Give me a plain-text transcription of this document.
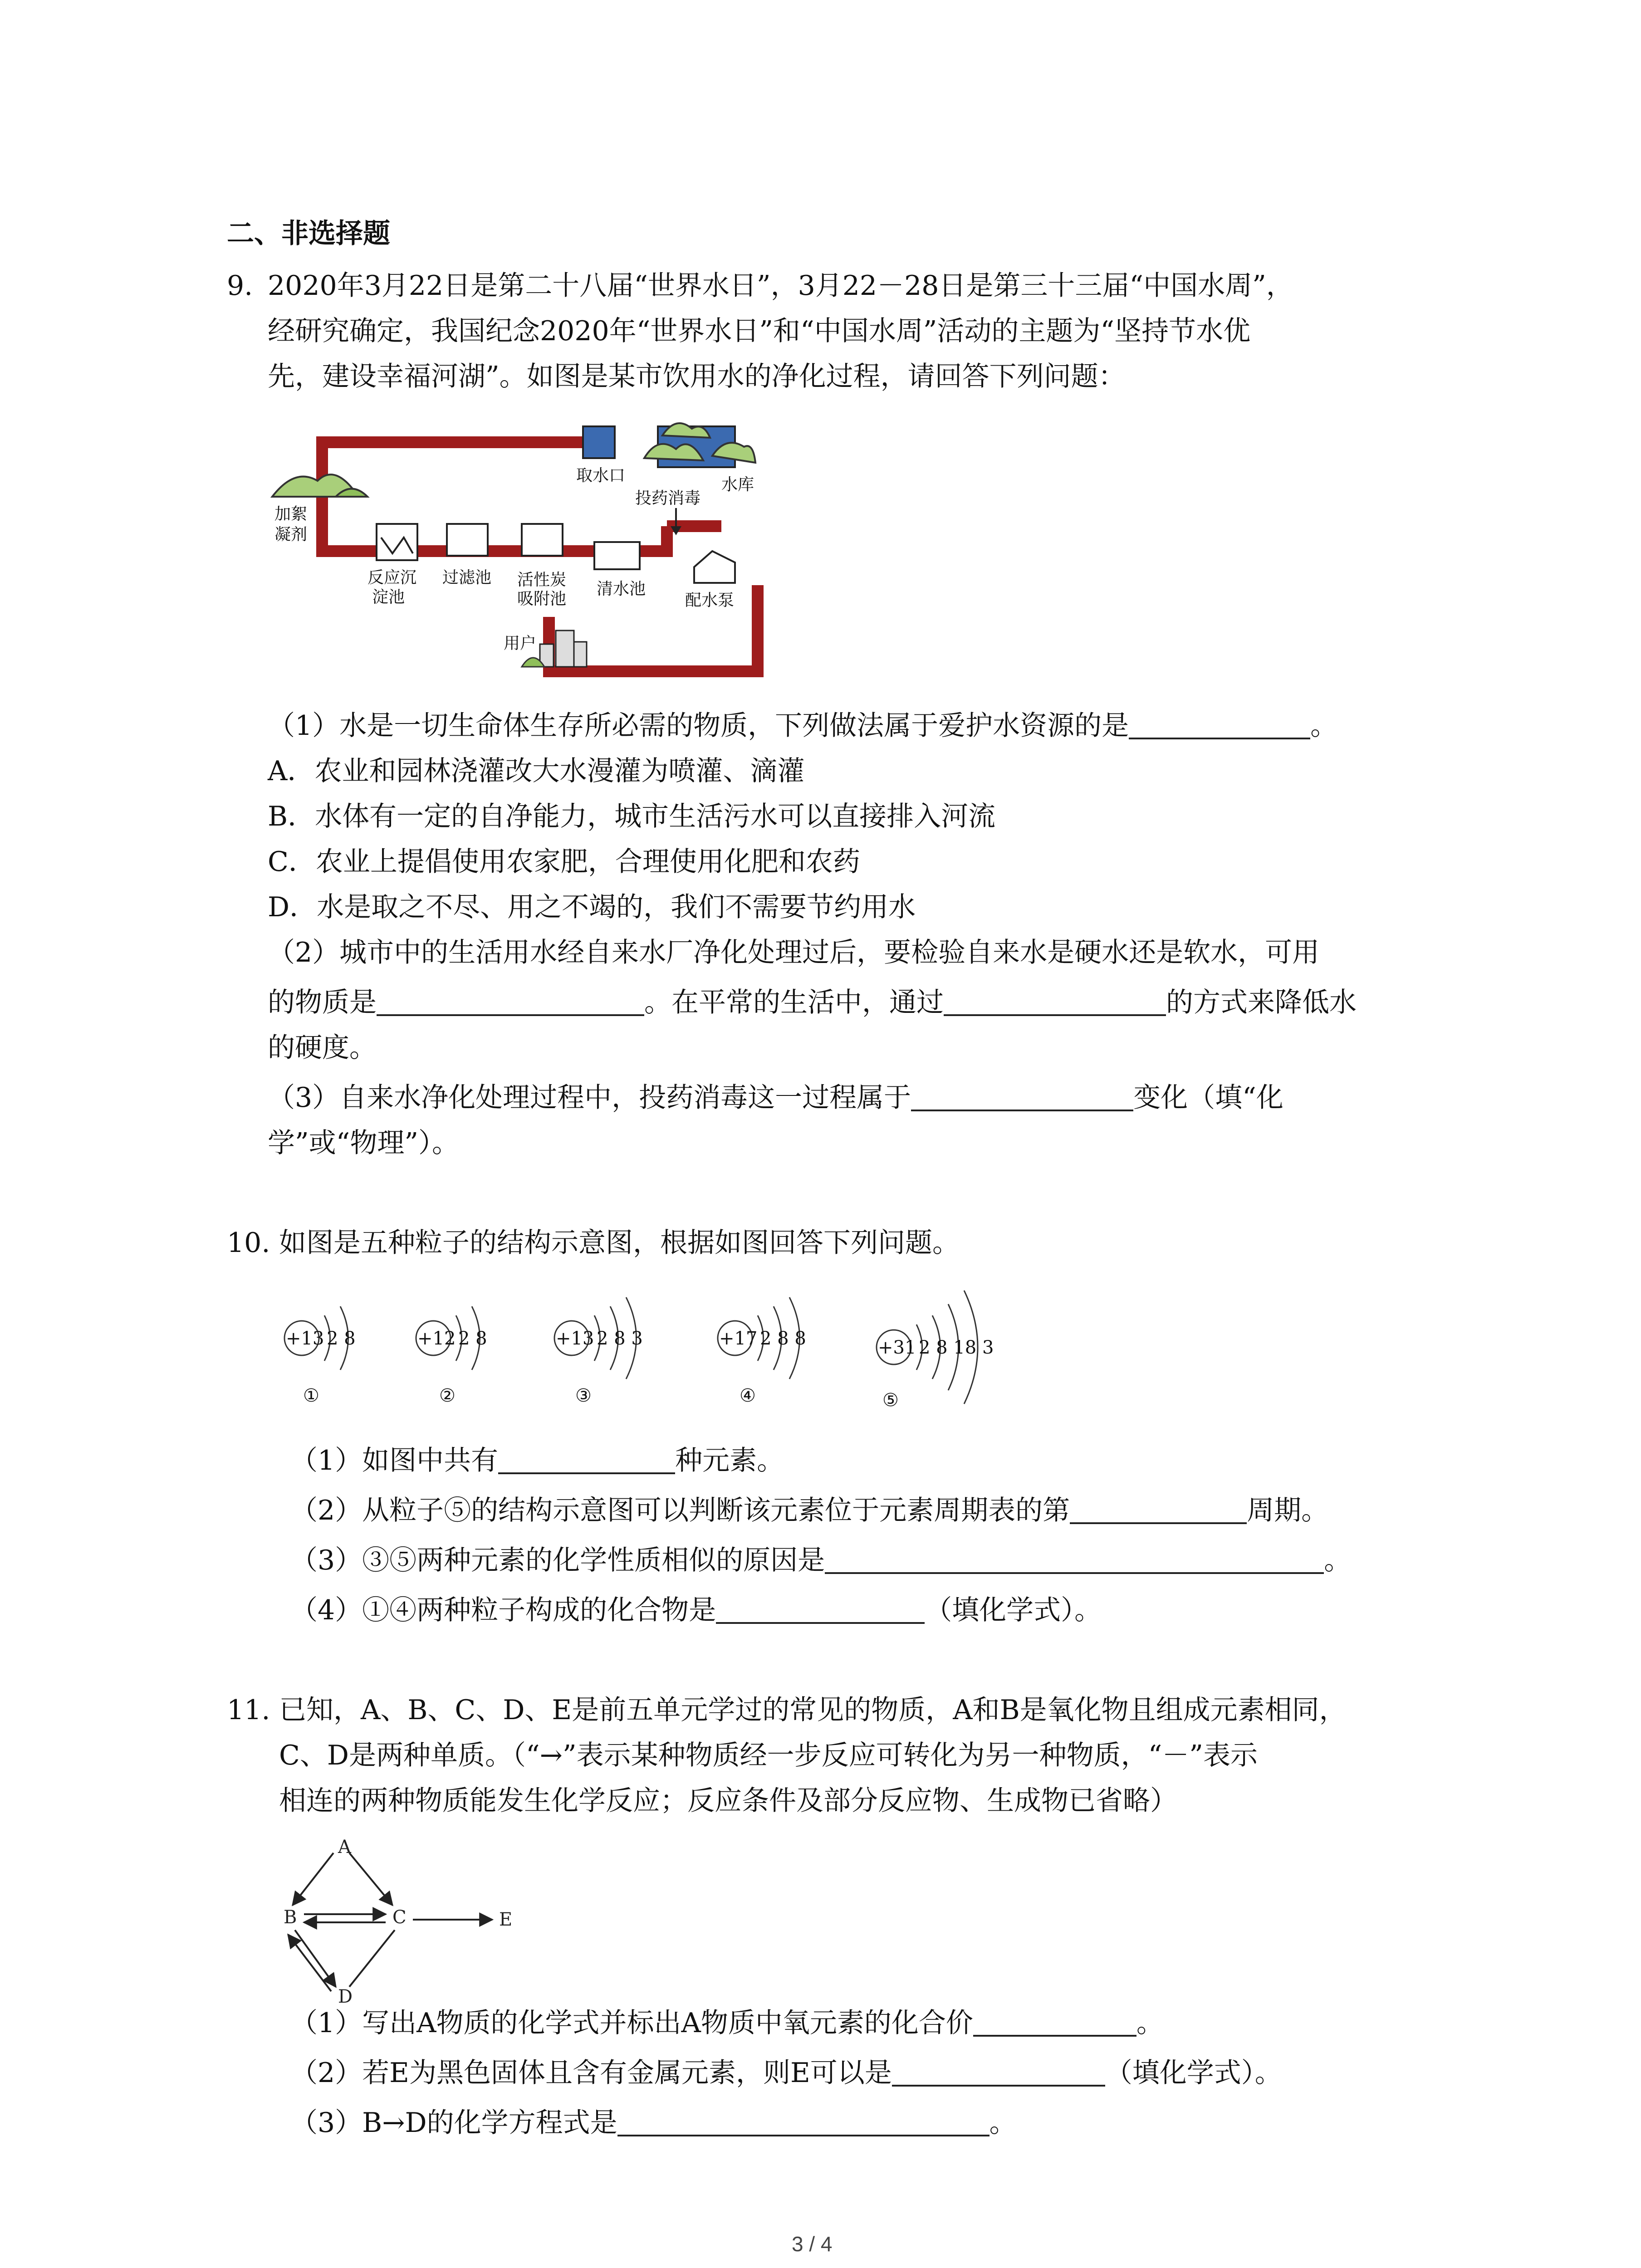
二、非选择题
9. 2020年3月22日是第二十八届“世界水日”，3月22－28日是第三十三届“中国水周”，
经研究确定，我国纪念2020年“世界水日”和“中国水周”活动的主题为“坚持节水优
先，建设幸福河湖”。如图是某市饮用水的净化过程，请回答下列问题：
水库
取水口
加絮
凝剂
投药消毒
反应沉
淀池
过滤池 活性炭
吸附池
清水池
配水泵
用户
（1）水是一切生命体生存所必需的物质，下列做法属于爱护水资源的是	。
A．农业和园林浇灌改大水漫灌为喷灌、滴灌
B．水体有一定的自净能力，城市生活污水可以直接排入河流
C．农业上提倡使用农家肥，合理使用化肥和农药
D．水是取之不尽、用之不竭的，我们不需要节约用水
（2）城市中的生活用水经自来水厂净化处理过后，要检验自来水是硬水还是软水，可用
的物质是	。在平常的生活中，通过	的方式来降低水
的硬度。
（3）自来水净化处理过程中，投药消毒这一过程属于	变化（填“化
学”或“物理”）。
10. 如图是五种粒子的结构示意图，根据如图回答下列问题。
+13 2 8
①
+12 2 8
②
+13 2 8 3
③
+17 2 8 8
④
+31 2 8 18 3
⑤
（1）如图中共有	种元素。
（2）从粒子⑤的结构示意图可以判断该元素位于元素周期表的第	周期。
（3）③⑤两种元素的化学性质相似的原因是	。
（4）①④两种粒子构成的化合物是	（填化学式）。
11. 已知，A、B、C、D、E是前五单元学过的常见的物质，A和B是氧化物且组成元素相同，
C、D是两种单质。（“→”表示某种物质经一步反应可转化为另一种物质，“－”表示
相连的两种物质能发生化学反应；反应条件及部分反应物、生成物已省略）
A
B	C
D
E
（1）写出A物质的化学式并标出A物质中氧元素的化合价	。
（2）若E为黑色固体且含有金属元素，则E可以是	（填化学式）。
（3）B→D的化学方程式是	。
3 / 4
